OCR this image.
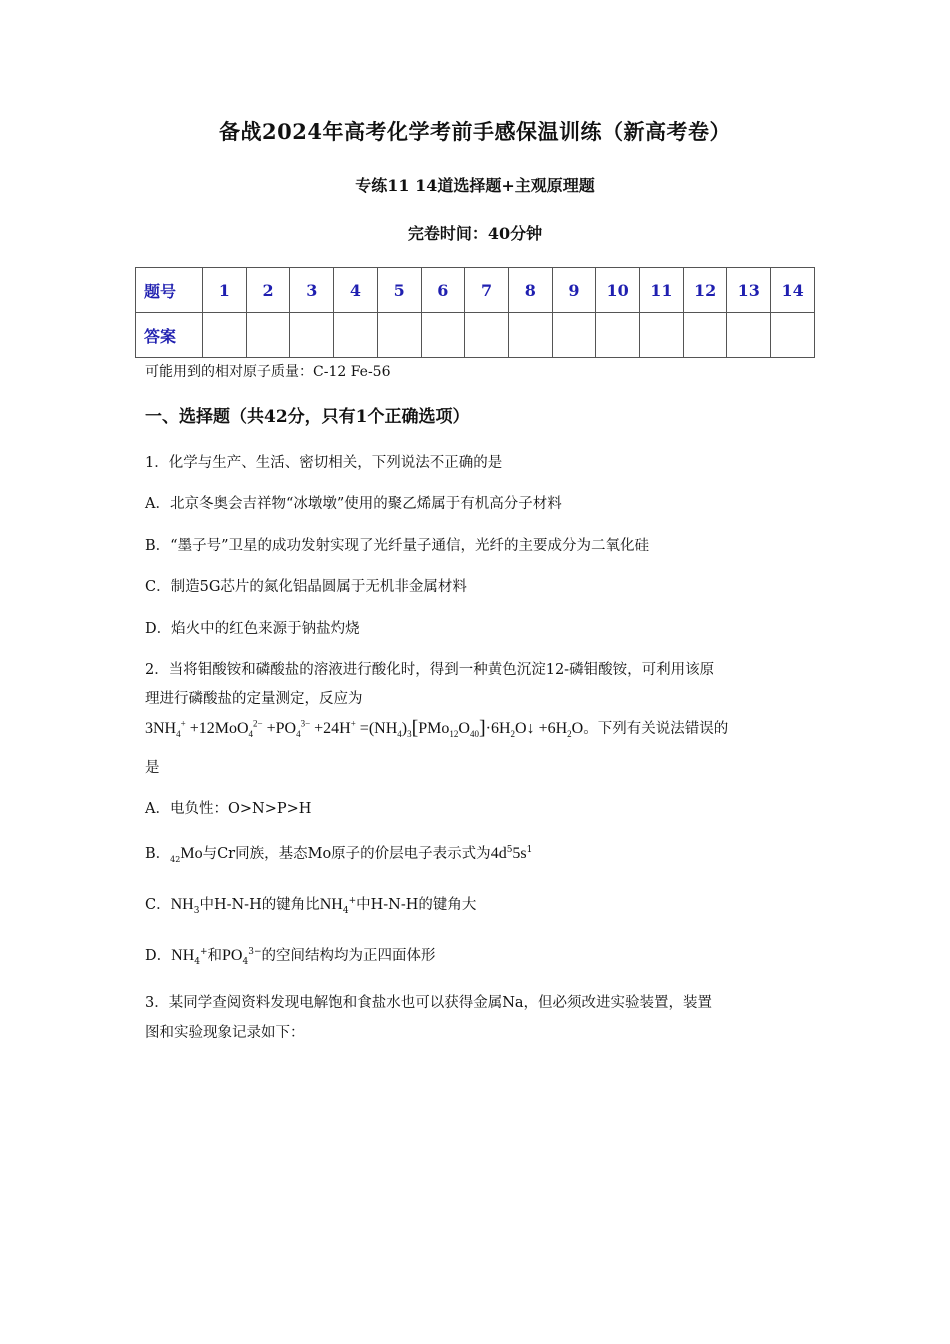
备战2024年高考化学考前手感保温训练（新高考卷）
专练11 14道选择题+主观原理题
完卷时间：40分钟
题号	1	2	3	4	5	6	7	8	9	10	11	12	13	14
答案														
可能用到的相对原子质量：C-12 Fe-56
一、选择题（共42分，只有1个正确选项）
1．化学与生产、生活、密切相关，下列说法不正确的是
A．北京冬奥会吉祥物“冰墩墩”使用的聚乙烯属于有机高分子材料
B．“墨子号”卫星的成功发射实现了光纤量子通信，光纤的主要成分为二氧化硅
C．制造5G芯片的氮化铝晶圆属于无机非金属材料
D．焰火中的红色来源于钠盐灼烧
2．当将钼酸铵和磷酸盐的溶液进行酸化时，得到一种黄色沉淀12-磷钼酸铵，可利用该原
理进行磷酸盐的定量测定，反应为
$3NH_4^+ +12MoO_4^{2-} +PO_4^{3-} +24H^+$ $=(NH_4)_3[PMo_{12}O_{40}]\cdot 6H_2O↓ +6H_2O$。下列有关说法错误的
是
A．电负性：O>N>P>H
B．$_{42}$Mo与Cr同族，基态Mo原子的价层电子表示式为$4d^55s^1$
C．$NH_3$中H-N-H的键角比$NH_4^+$中H-N-H的键角大
D．$NH_4^+$和$PO_4^{3-}$的空间结构均为正四面体形
3．某同学查阅资料发现电解饱和食盐水也可以获得金属Na，但必须改进实验装置，装置
图和实验现象记录如下：
